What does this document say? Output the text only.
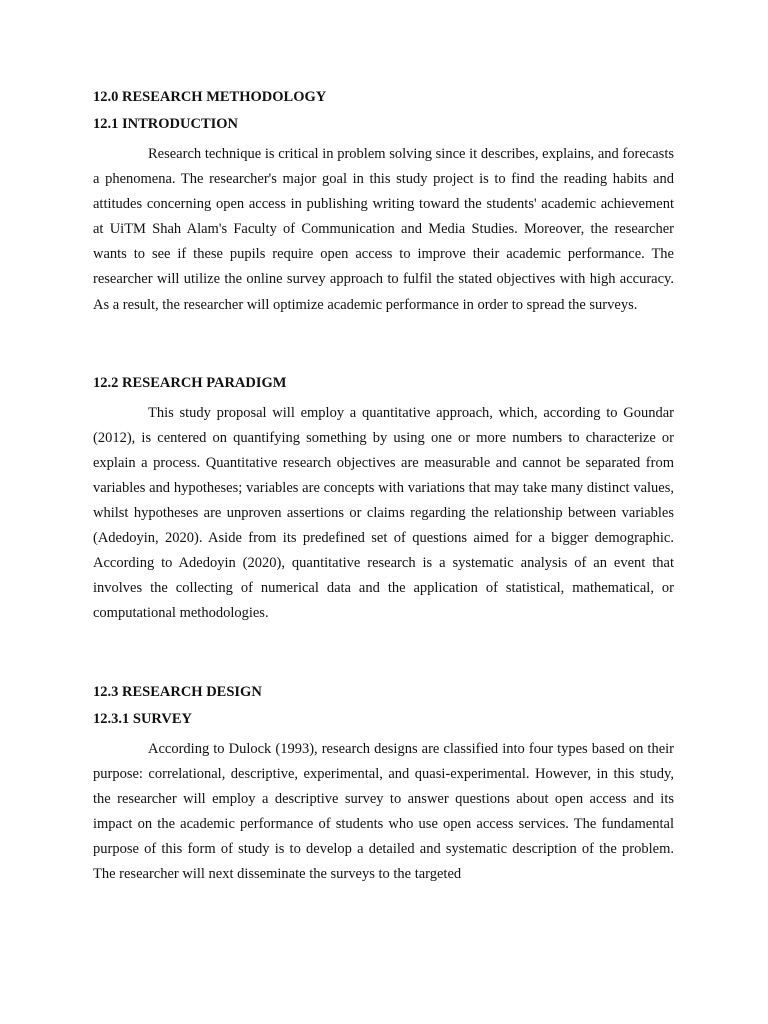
12.0 RESEARCH METHODOLOGY
12.1 INTRODUCTION

Research technique is critical in problem solving since it describes, explains, and forecasts a phenomena. The researcher's major goal in this study project is to find the reading habits and attitudes concerning open access in publishing writing toward the students' academic achievement at UiTM Shah Alam's Faculty of Communication and Media Studies. Moreover, the researcher wants to see if these pupils require open access to improve their academic performance. The researcher will utilize the online survey approach to fulfil the stated objectives with high accuracy. As a result, the researcher will optimize academic performance in order to spread the surveys.

12.2 RESEARCH PARADIGM

This study proposal will employ a quantitative approach, which, according to Goundar (2012), is centered on quantifying something by using one or more numbers to characterize or explain a process. Quantitative research objectives are measurable and cannot be separated from variables and hypotheses; variables are concepts with variations that may take many distinct values, whilst hypotheses are unproven assertions or claims regarding the relationship between variables (Adedoyin, 2020). Aside from its predefined set of questions aimed for a bigger demographic. According to Adedoyin (2020), quantitative research is a systematic analysis of an event that involves the collecting of numerical data and the application of statistical, mathematical, or computational methodologies.

12.3 RESEARCH DESIGN
12.3.1 SURVEY

According to Dulock (1993), research designs are classified into four types based on their purpose: correlational, descriptive, experimental, and quasi-experimental. However, in this study, the researcher will employ a descriptive survey to answer questions about open access and its impact on the academic performance of students who use open access services. The fundamental purpose of this form of study is to develop a detailed and systematic description of the problem. The researcher will next disseminate the surveys to the targeted
